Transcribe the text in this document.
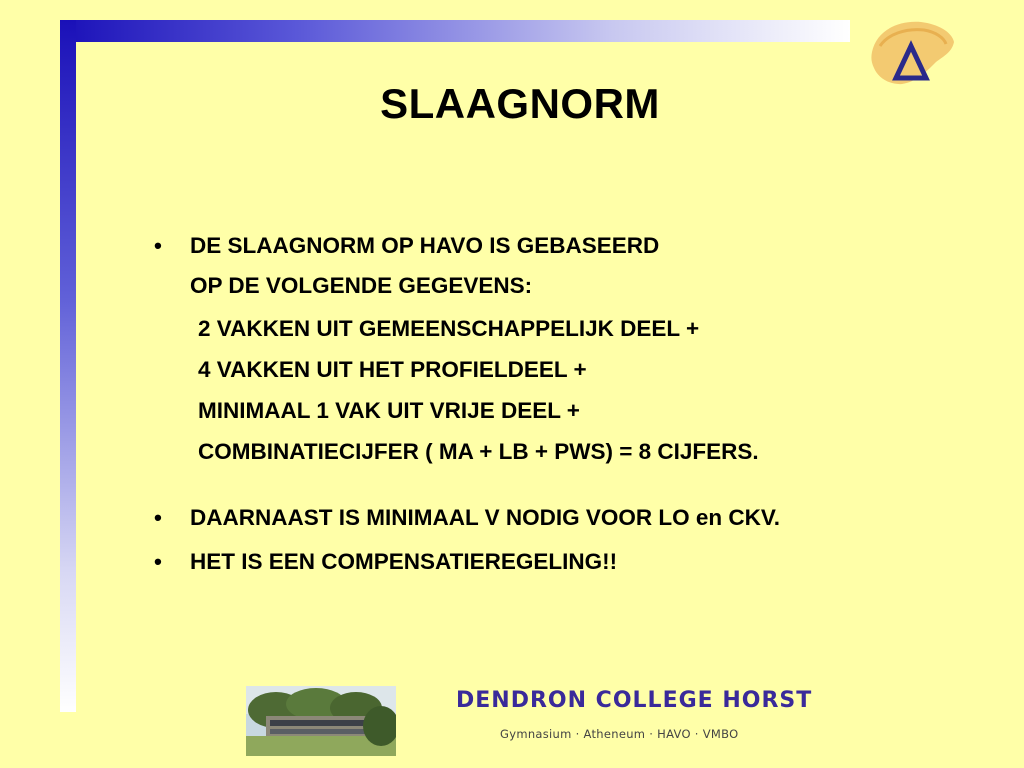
SLAAGNORM
• DE SLAAGNORM OP HAVO IS GEBASEERD
OP DE VOLGENDE GEGEVENS:
2 VAKKEN UIT GEMEENSCHAPPELIJK DEEL +
4 VAKKEN UIT HET PROFIELDEEL +
MINIMAAL 1 VAK UIT VRIJE DEEL +
COMBINATIECIJFER ( MA + LB + PWS) = 8 CIJFERS.
• DAARNAAST IS MINIMAAL V NODIG VOOR LO en CKV.
• HET IS EEN COMPENSATIEREGELING!!
DENDRON COLLEGE HORST
Gymnasium · Atheneum · HAVO · VMBO
